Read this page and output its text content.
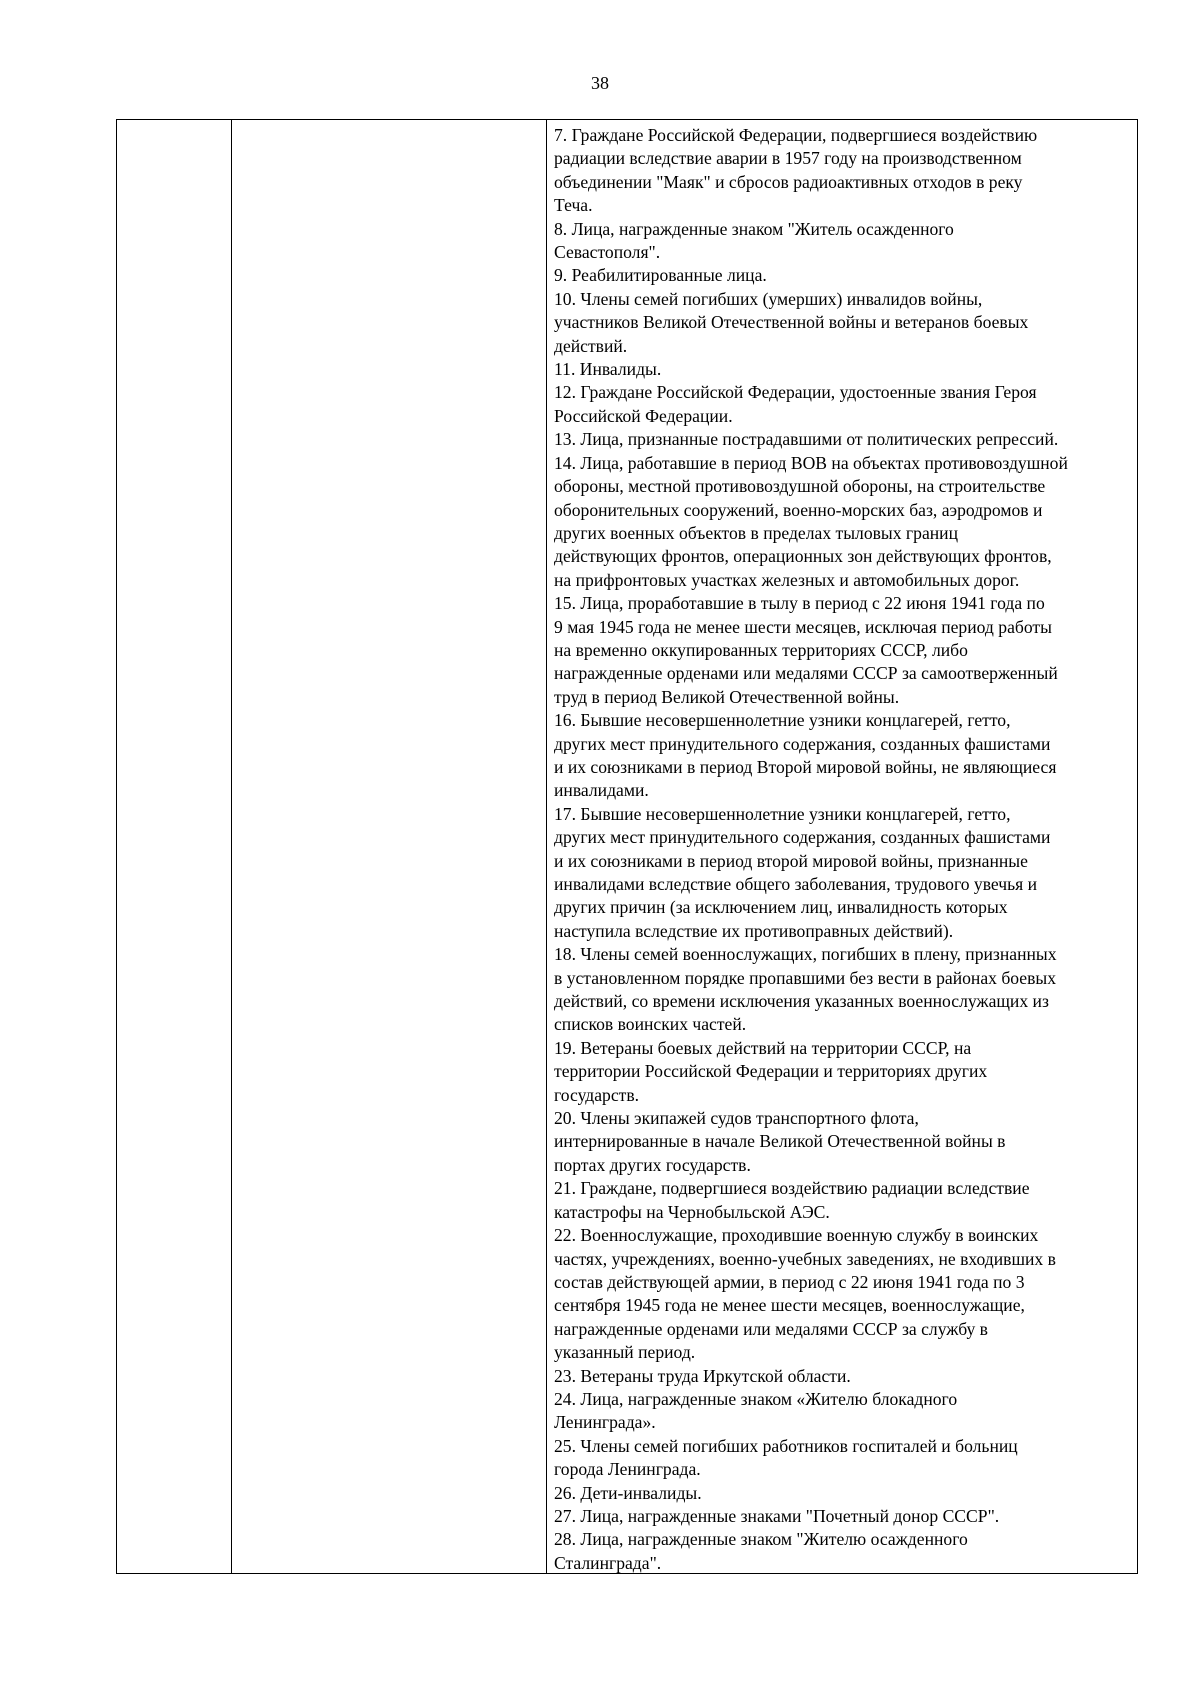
38

7. Граждане Российской Федерации, подвергшиеся воздействию
радиации вследствие аварии в 1957 году на производственном
объединении "Маяк" и сбросов радиоактивных отходов в реку
Теча.

8. Лица, награжденные знаком "Житель осажденного
Севастополя".

9. Реабилитированные лица.

10. Члены семей погибших (умерших) инвалидов войны,
участников Великой Отечественной войны и ветеранов боевых
действий.

11. Инвалиды.

12. Граждане Российской Федерации, удостоенные звания Героя
Российской Федерации.

13. Лица, признанные пострадавшими от политических репрессий.

14. Лица, работавшие в период ВОВ на объектах противовоздушной
обороны, местной противовоздушной обороны, на строительстве
оборонительных сооружений, военно-морских баз, аэродромов и
других военных объектов в пределах тыловых границ
действующих фронтов, операционных зон действующих фронтов,
на прифронтовых участках железных и автомобильных дорог.

15. Лица, проработавшие в тылу в период с 22 июня 1941 года по
9 мая 1945 года не менее шести месяцев, исключая период работы
на временно оккупированных территориях СССР, либо
награжденные орденами или медалями СССР за самоотверженный
труд в период Великой Отечественной войны.

16. Бывшие несовершеннолетние узники концлагерей, гетто,
других мест принудительного содержания, созданных фашистами
и их союзниками в период Второй мировой войны, не являющиеся
инвалидами.

17. Бывшие несовершеннолетние узники концлагерей, гетто,
других мест принудительного содержания, созданных фашистами
и их союзниками в период второй мировой войны, признанные
инвалидами вследствие общего заболевания, трудового увечья и
других причин (за исключением лиц, инвалидность которых
наступила вследствие их противоправных действий).

18. Члены семей военнослужащих, погибших в плену, признанных
в установленном порядке пропавшими без вести в районах боевых
действий, со времени исключения указанных военнослужащих из
списков воинских частей.

19. Ветераны боевых действий на территории СССР, на
территории Российской Федерации и территориях других
государств.

20. Члены экипажей судов транспортного флота,
интернированные в начале Великой Отечественной войны в
портах других государств.

21. Граждане, подвергшиеся воздействию радиации вследствие
катастрофы на Чернобыльской АЭС.

22. Военнослужащие, проходившие военную службу в воинских
частях, учреждениях, военно-учебных заведениях, не входивших в
состав действующей армии, в период с 22 июня 1941 года по 3
сентября 1945 года не менее шести месяцев, военнослужащие,
награжденные орденами или медалями СССР за службу в
указанный период.

23. Ветераны труда Иркутской области.

24. Лица, награжденные знаком «Жителю блокадного
Ленинграда».

25. Члены семей погибших работников госпиталей и больниц
города Ленинграда.

26. Дети-инвалиды.

27. Лица, награжденные знаками "Почетный донор СССР".

28. Лица, награжденные знаком "Жителю осажденного
Сталинграда".
